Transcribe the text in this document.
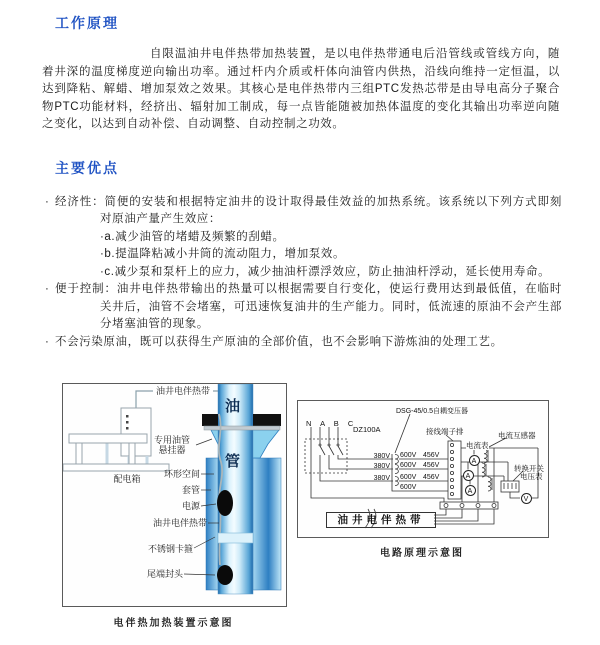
工作原理

自限温油井电伴热带加热装置，是以电伴热带通电后沿管线或管线方向，随着井深的温度梯度逆向输出功率。通过杆内介质或杆体向油管内供热，沿线向维持一定恒温，以达到降粘、解蜡、增加泵效之效果。其核心是电伴热带内三组PTC发热芯带是由导电高分子聚合物PTC功能材料，经挤出、辐射加工制成，每一点皆能随被加热体温度的变化其输出功率逆向随之变化，以达到自动补偿、自动调整、自动控制之功效。

主要优点
· 经济性：简便的安装和根据特定油井的设计取得最佳效益的加热系统。该系统以下列方式即刻对原油产量产生效应：
·a.减少油管的堵蜡及频繁的刮蜡。
·b.提温降粘减小井筒的流动阻力，增加泵效。
·c.减少泵和泵杆上的应力，减少抽油杆漂浮效应，防止抽油杆浮动，延长使用寿命。
· 便于控制：油井电伴热带输出的热量可以根据需要自行变化，使运行费用达到最低值，在临时关井后，油管不会堵塞，可迅速恢复油井的生产能力。同时，低流速的原油不会产生部分堵塞油管的现象。
· 不会污染原油，既可以获得生产原油的全部价值，也不会影响下游炼油的处理工艺。
油井电伴热带
油
管
专用油管
悬挂器
环形空间
套管
电源
油井电伴热带
不锈钢卡箍
尾端封头
配电箱
电伴热加热装置示意图
N A B C
DZ100A
380V
380V
380V
DSG-45/0.5自耦变压器
接线端子排
600V
600V
600V
600V
456V
456V
456V
电流表
电流互感器
转换开关
电压表
A
A
A
V
油井电伴热带
电路原理示意图
